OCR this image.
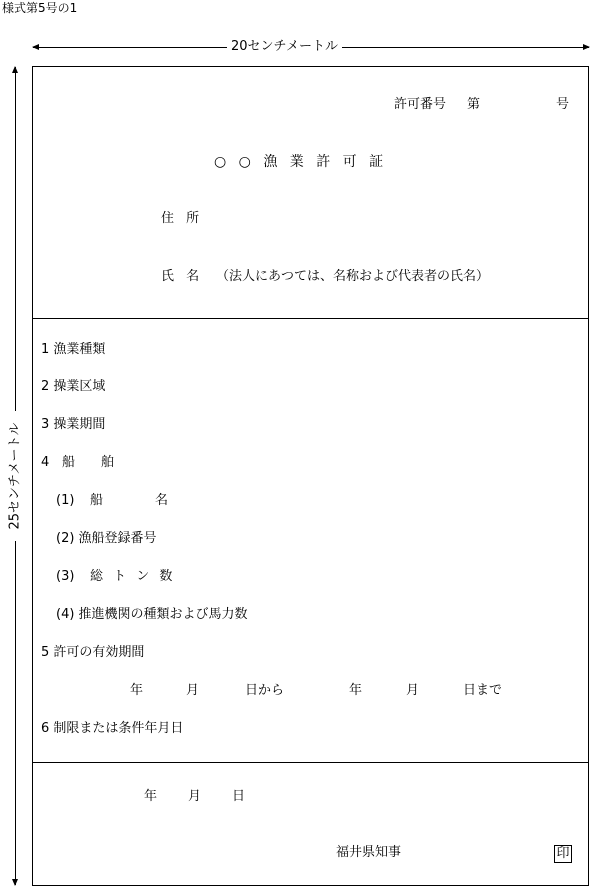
様式第5号の1
20センチメートル
25センチメートル
許可番号 第	号
○ ○ 漁 業 許 可 証
住 所
氏 名 （法人にあつては、名称および代表者の氏名）
1 漁業種類
2 操業区域
3 操業期間
4 船　　舶
(1) 船　　　　名
(2) 漁船登録番号
(3) 総 ト ン 数
(4) 推進機関の種類および馬力数
5 許可の有効期間
年	月	日から	年	月	日まで
6 制限または条件年月日
年 月 日
福井県知事	印
